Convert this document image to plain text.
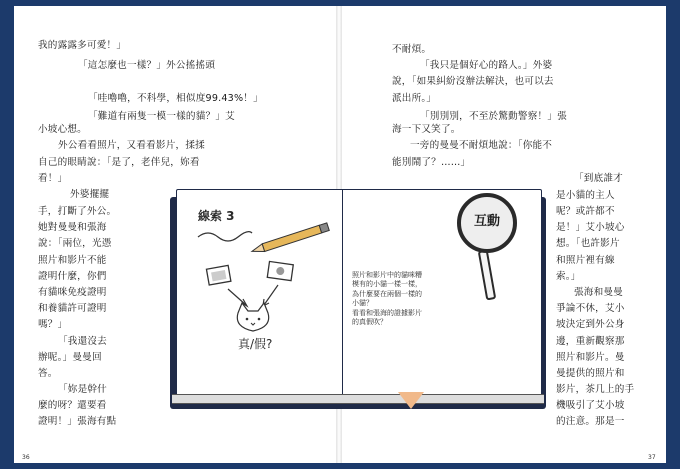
我的露露多可愛！」
「這怎麼也一樣？」外公搖搖頭
「哇嚕嚕，不科學，相似度99.43%！」
「難道有兩隻一模一樣的貓？」艾
小坡心想。
外公看看照片，又看看影片，揉揉
自己的眼睛說：「是了，老伴兒，妳看
看！」
外婆擺擺
手，打斷了外公。
她對曼曼和張海
說：「兩位，光憑
照片和影片不能
證明什麼，你們
有貓咪免疫證明
和養貓許可證明
嗎？」
「我還沒去
辦呢。」曼曼回
答。
「妳是幹什
麼的呀？還要看
證明！」張海有點
36
不耐煩。
「我只是個好心的路人。」外婆
說，「如果糾紛沒辦法解決，也可以去
派出所。」
「別別別，不至於驚動警察！」張
海一下又笑了。
一旁的曼曼不耐煩地說：「你能不
能別鬧了？……」
「到底誰才
是小貓的主人
呢？或許都不
是！」艾小坡心
想。「也許影片
和照片裡有線
索。」
張海和曼曼
爭論不休，艾小
坡決定到外公身
邊，重新觀察那
照片和影片。曼
曼提供的照片和
影片，茶几上的手
機吸引了艾小坡
的注意。那是一
37
線索 3
真/假?
照片和影片中的貓咪糟
模有的小貓一樣一樣，
為什麼要在兩個一樣的
小貓？
看看和張海的證據影片
的真假吹？
互動
